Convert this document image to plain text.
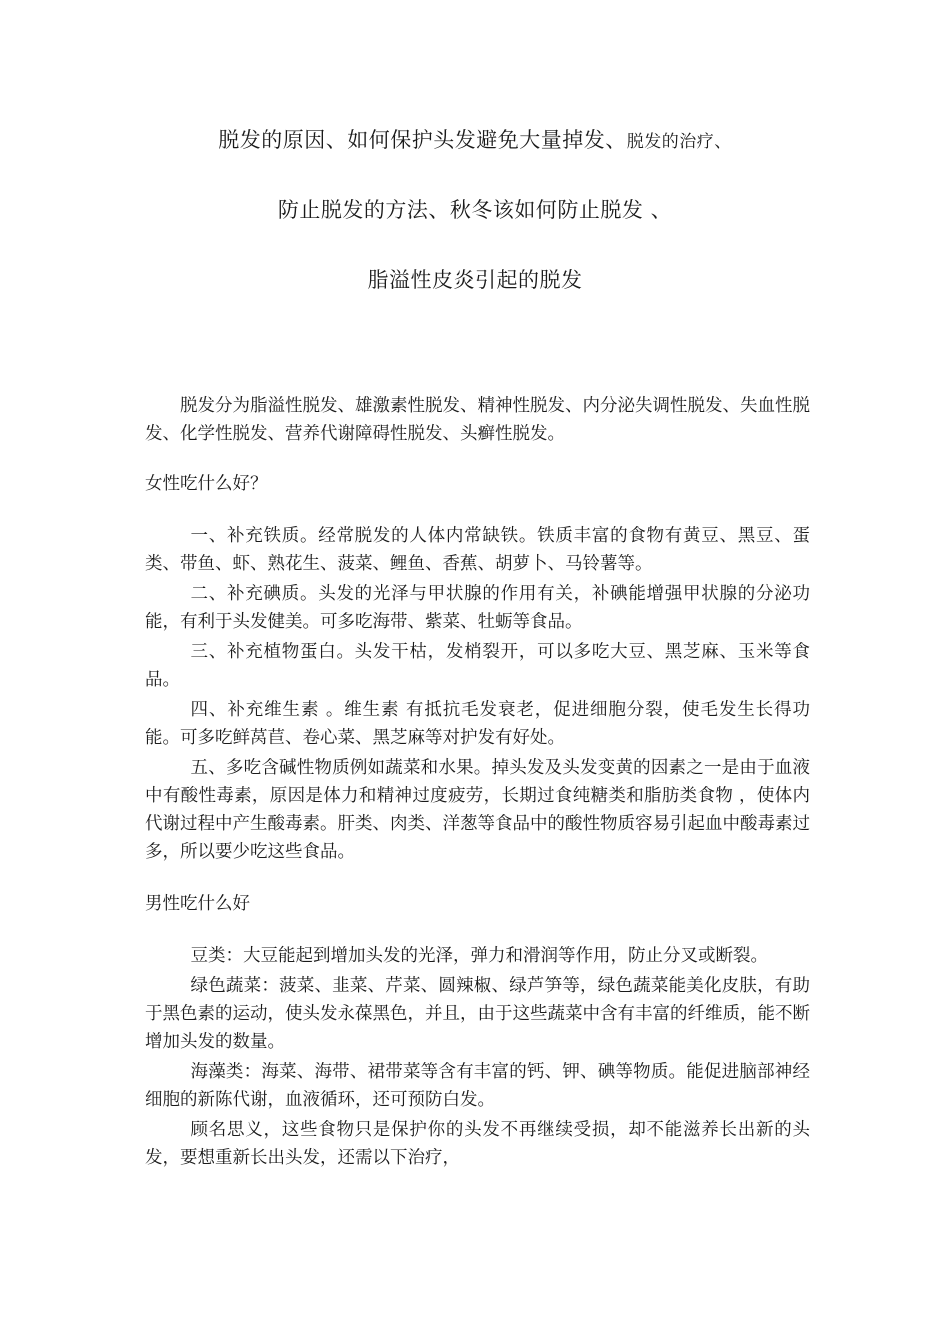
脱发的原因、如何保护头发避免大量掉发、脱发的治疗、
防止脱发的方法、秋冬该如何防止脱发 、
脂溢性皮炎引起的脱发

脱发分为脂溢性脱发、雄激素性脱发、精神性脱发、内分泌失调性脱发、失血性脱发、化学性脱发、营养代谢障碍性脱发、头癣性脱发。

女性吃什么好？

一、补充铁质。经常脱发的人体内常缺铁。铁质丰富的食物有黄豆、黑豆、蛋类、带鱼、虾、熟花生、菠菜、鲤鱼、香蕉、胡萝卜、马铃薯等。

二、补充碘质。头发的光泽与甲状腺的作用有关，补碘能增强甲状腺的分泌功能，有利于头发健美。可多吃海带、紫菜、牡蛎等食品。

三、补充植物蛋白。头发干枯，发梢裂开，可以多吃大豆、黑芝麻、玉米等食品。

四、补充维生素 。维生素 有抵抗毛发衰老，促进细胞分裂，使毛发生长得功能。可多吃鲜莴苣、卷心菜、黑芝麻等对护发有好处。

五、多吃含碱性物质例如蔬菜和水果。掉头发及头发变黄的因素之一是由于血液中有酸性毒素，原因是体力和精神过度疲劳，长期过食纯糖类和脂肪类食物 ，使体内代谢过程中产生酸毒素。肝类、肉类、洋葱等食品中的酸性物质容易引起血中酸毒素过多，所以要少吃这些食品。

男性吃什么好

豆类：大豆能起到增加头发的光泽，弹力和滑润等作用，防止分叉或断裂。

绿色蔬菜：菠菜、韭菜、芹菜、圆辣椒、绿芦笋等，绿色蔬菜能美化皮肤，有助于黑色素的运动，使头发永葆黑色，并且，由于这些蔬菜中含有丰富的纤维质，能不断增加头发的数量。

海藻类：海菜、海带、裙带菜等含有丰富的钙、钾、碘等物质。能促进脑部神经细胞的新陈代谢，血液循环，还可预防白发。

顾名思义，这些食物只是保护你的头发不再继续受损，却不能滋养长出新的头发，要想重新长出头发，还需以下治疗，
